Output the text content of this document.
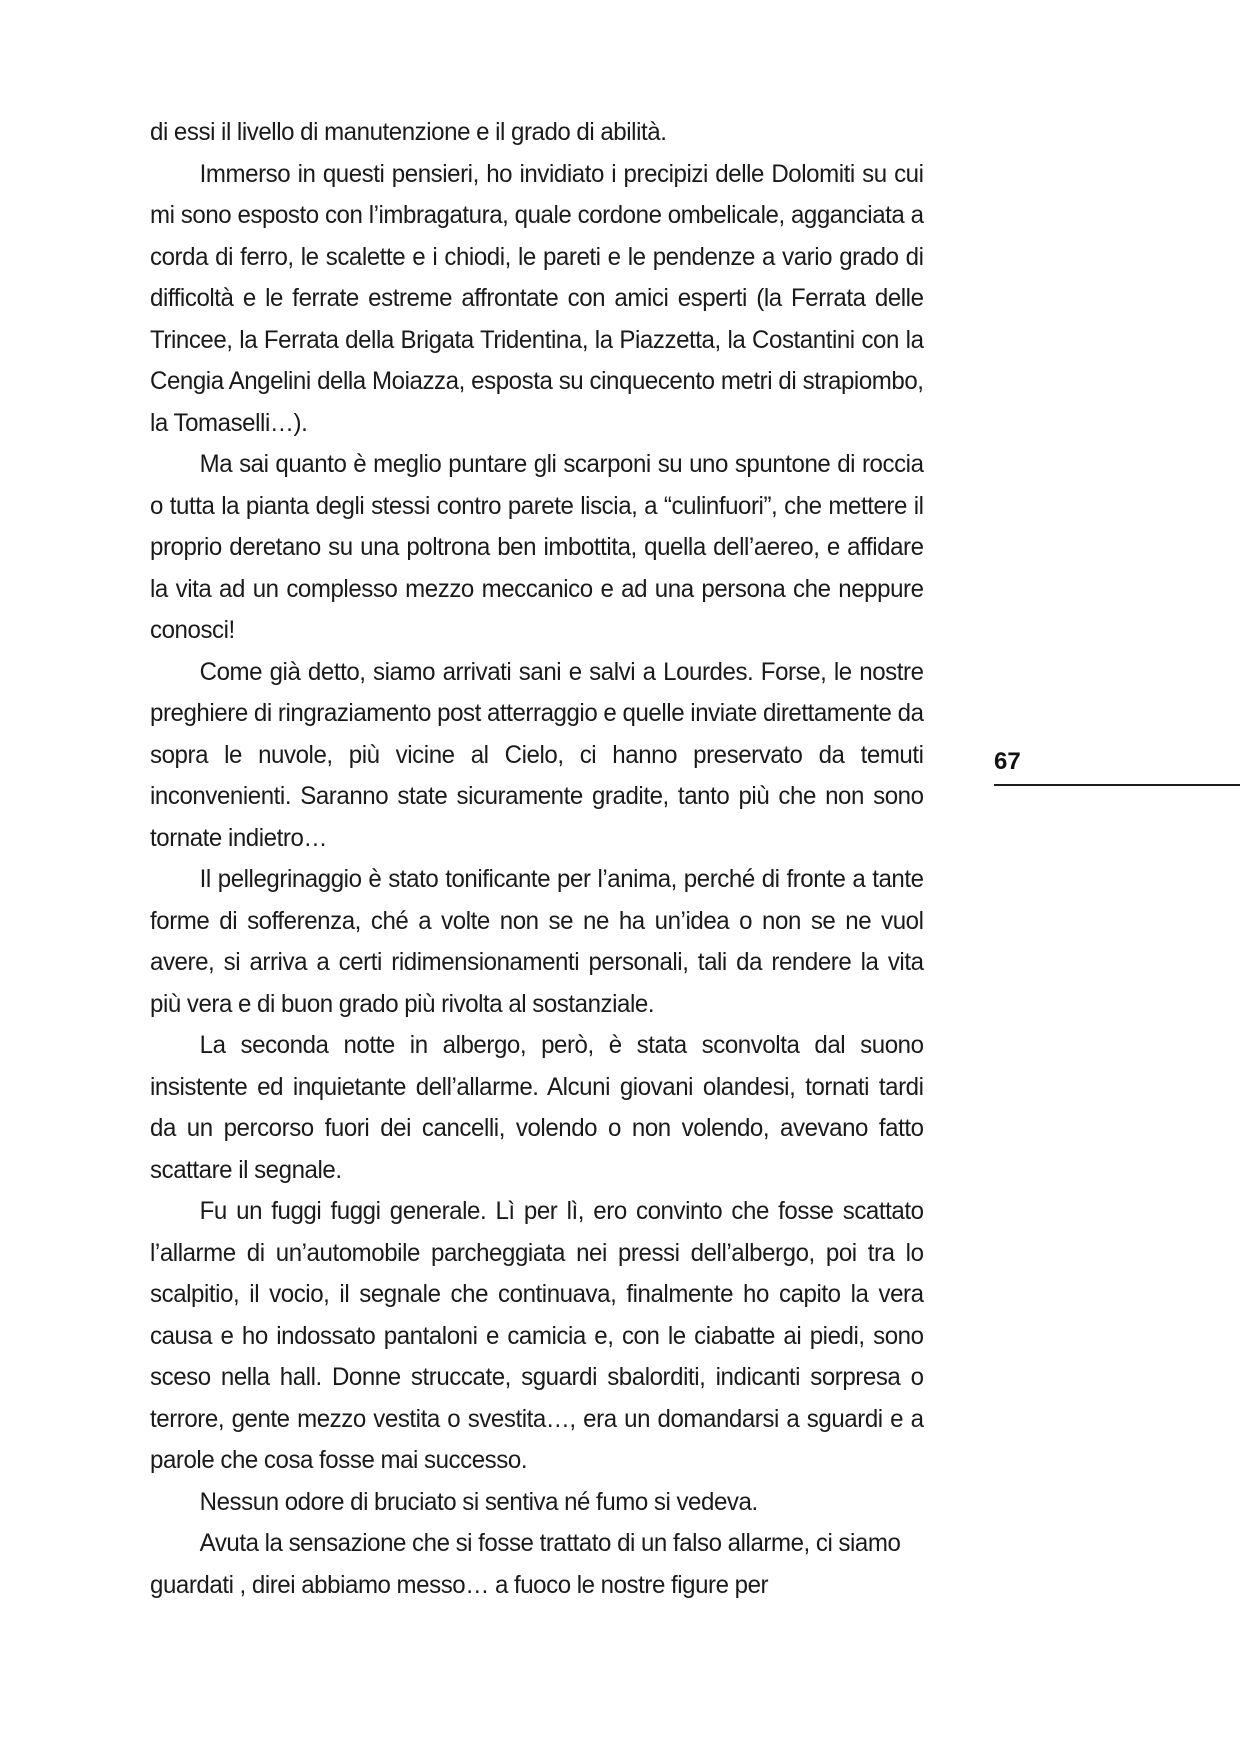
di essi il livello di manutenzione e il grado di abilità.

Immerso in questi pensieri, ho invidiato i precipizi delle Dolomiti su cui mi sono esposto con l’imbragatura, quale cordone ombelicale, agganciata a corda di ferro, le scalette e i chiodi, le pareti e le pendenze a vario grado di difficoltà e le ferrate estreme affrontate con amici esperti (la Ferrata delle Trincee, la Ferrata della Brigata Tridentina, la Piazzetta, la Costantini con la Cengia Angelini della Moiazza, esposta su cinquecento metri di strapiombo, la Tomaselli…).

Ma sai quanto è meglio puntare gli scarponi su uno spuntone di roccia o tutta la pianta degli stessi contro parete liscia, a “culinfuori”, che mettere il proprio deretano su una poltrona ben imbottita, quella dell’aereo, e affidare la vita ad un complesso mezzo meccanico e ad una persona che neppure conosci!

Come già detto, siamo arrivati sani e salvi a Lourdes. Forse, le nostre preghiere di ringraziamento post atterraggio e quelle inviate direttamente da sopra le nuvole, più vicine al Cielo, ci hanno preservato da temuti inconvenienti. Saranno state sicuramente gradite, tanto più che non sono tornate indietro…

Il pellegrinaggio è stato tonificante per l’anima, perché di fronte a tante forme di sofferenza, ché a volte non se ne ha un’idea o non se ne vuol avere, si arriva a certi ridimensionamenti personali, tali da rendere la vita più vera e di buon grado più rivolta al sostanziale.

La seconda notte in albergo, però, è stata sconvolta dal suono insistente ed inquietante dell’allarme. Alcuni giovani olandesi, tornati tardi da un percorso fuori dei cancelli, volendo o non volendo, avevano fatto scattare il segnale.

Fu un fuggi fuggi generale. Lì per lì, ero convinto che fosse scattato l’allarme di un’automobile parcheggiata nei pressi dell’albergo, poi tra lo scalpitio, il vocio, il segnale che continuava, finalmente ho capito la vera causa e ho indossato pantaloni e camicia e, con le ciabatte ai piedi, sono sceso nella hall. Donne struccate, sguardi sbalorditi, indicanti sorpresa o terrore, gente mezzo vestita o svestita…, era un domandarsi a sguardi e a parole che cosa fosse mai successo.

Nessun odore di bruciato si sentiva né fumo si vedeva.

Avuta la sensazione che si fosse trattato di un falso allarme, ci siamo guardati , direi abbiamo messo… a fuoco le nostre figure per

67
